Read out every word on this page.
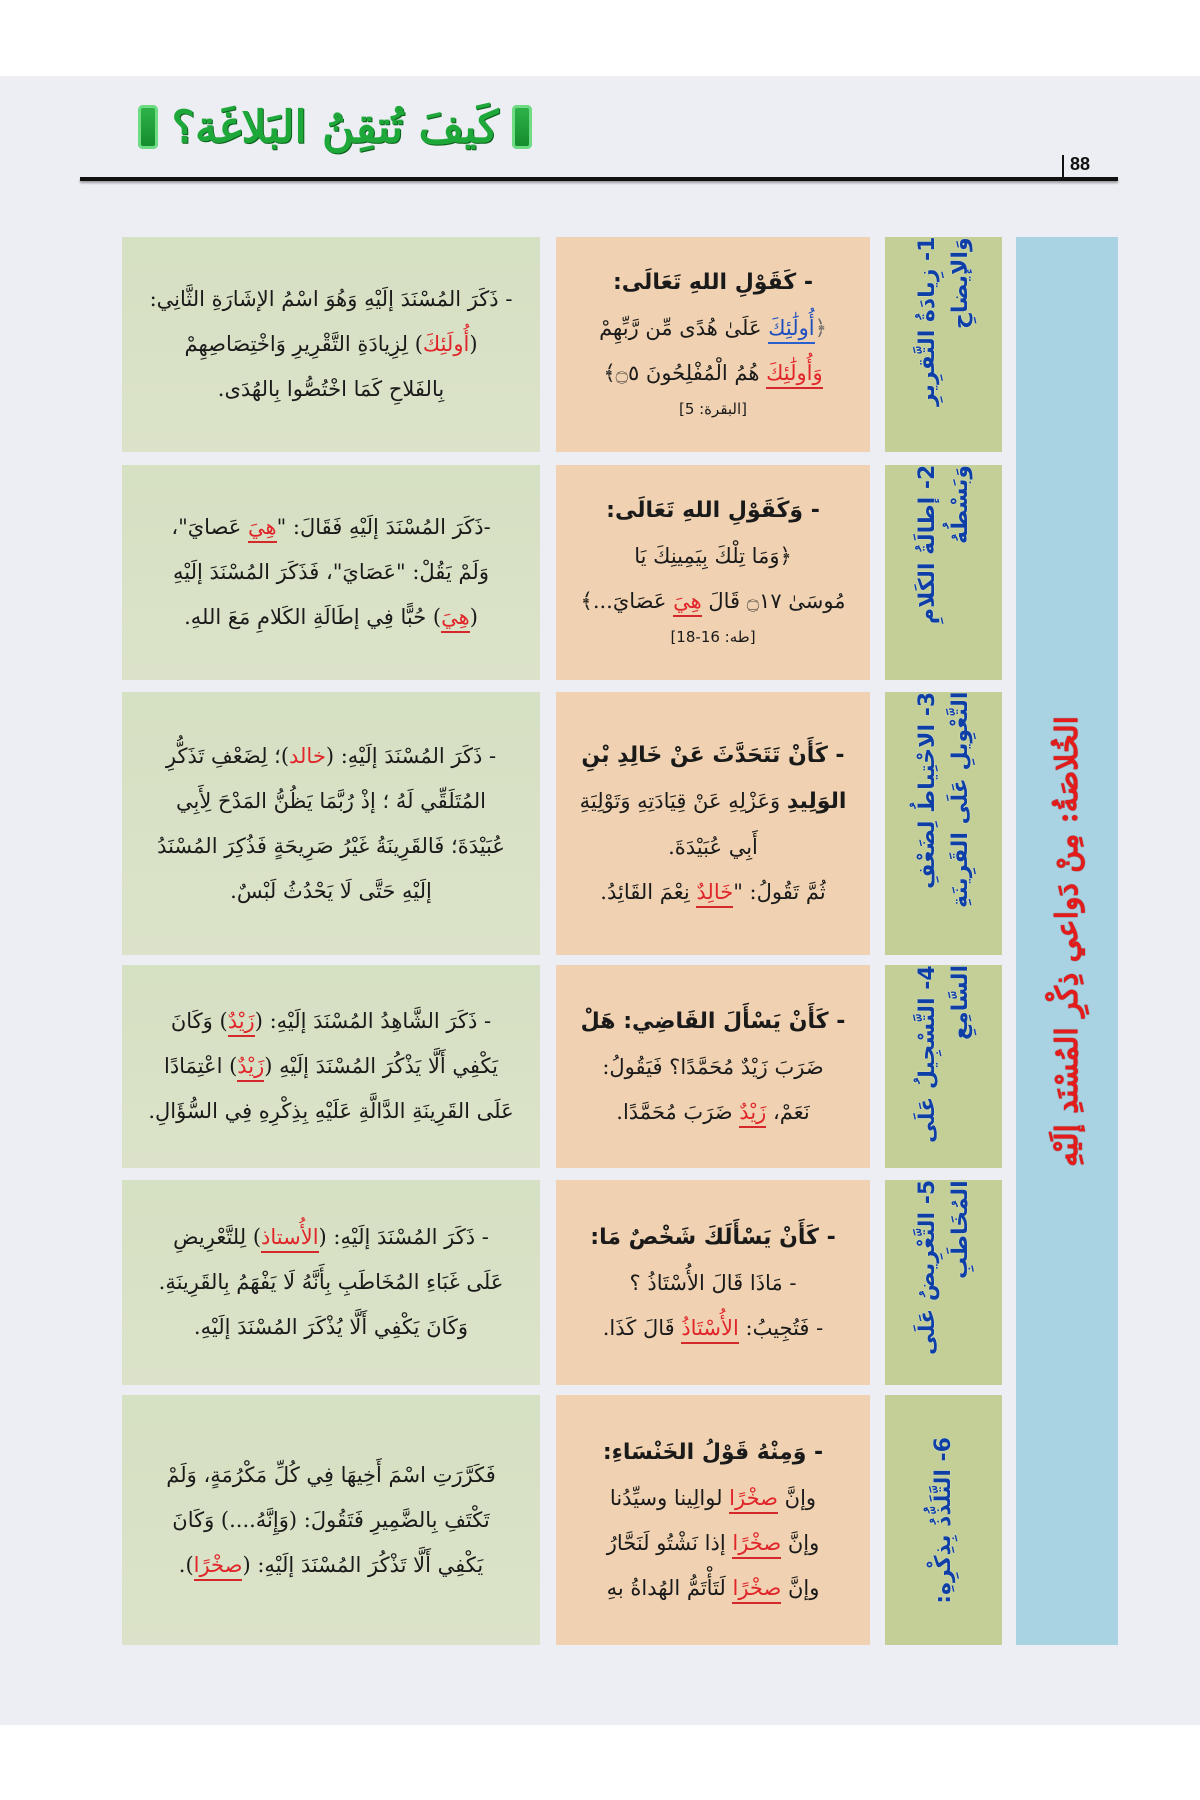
كَيفَ تُتقِنُ البَلاغَة؟
88
الخُلاصَةُ: مِنْ دَواعي ذِكْرِ المُسْنَدِ إلَيْهِ
1- زِيادَةُ التَّقرِيرِ وَالإيضاحِ
- كَقَوْلِ اللهِ تَعَالَى:
﴿أُولَٰئِكَ عَلَىٰ هُدًى مِّن رَّبِّهِمْ
وَأُولَٰئِكَ هُمُ الْمُفْلِحُونَ ۝٥﴾
[البقرة: 5]
- ذَكَرَ المُسْنَدَ إلَيْهِ وَهُوَ اسْمُ الإشَارَةِ الثَّانِي:
(أُولَئِكَ) لِزِيادَةِ التَّقْرِيرِ وَاخْتِصَاصِهِمْ
بِالفَلاحِ كَمَا اخْتُصُّوا بِالهُدَى.
2- إطالَةُ الكَلامِ وَبَسْطُهُ
- وَكَقَوْلِ اللهِ تَعَالَى:
﴿وَمَا تِلْكَ بِيَمِينِكَ يَا
مُوسَىٰ ۝١٧ قَالَ هِيَ عَصَايَ...﴾
[طه: 16-18]
-ذَكَرَ المُسْنَدَ إلَيْهِ فَقَالَ: "هِيَ عَصايَ"،
وَلَمْ يَقُلْ: "عَصَايَ"، فَذَكَرَ المُسْنَدَ إلَيْهِ
(هِيَ) حُبًّا فِي إطَالَةِ الكَلامِ مَعَ اللهِ.
3- الاحْتِياطُ لِضَعْفِ التَّعْوِيلِ عَلَى القَرِينَةِ
- كَأَنْ تَتَحَدَّثَ عَنْ خَالِدِ بْنِ
الوَلِيدِ وَعَزْلِهِ عَنْ قِيَادَتِهِ وَتَوْلِيَةِ
أَبِي عُبَيْدَةَ.
ثُمَّ تَقُولُ: "خَالِدٌ نِعْمَ القَائِدُ.
- ذَكَرَ المُسْنَدَ إلَيْهِ: (خالد)؛ لِضَعْفِ تَذَكُّرِ
المُتَلَقِّي لَهُ ؛ إذْ رُبَّمَا يَظُنُّ المَدْحَ لِأَبِي
عُبَيْدَةَ؛ فَالقَرِينَةُ غَيْرُ صَرِيحَةٍ فَذُكِرَ المُسْنَدُ
إلَيْهِ حَتَّى لَا يَحْدُثُ لَبْسٌ.
4- التَّسْجِيلُ عَلَى السَّامِعِ
- كَأَنْ يَسْأَلَ القَاضِي: هَلْ
ضَرَبَ زَيْدٌ مُحَمَّدًا؟ فَيَقُولُ:
نَعَمْ، زَيْدٌ ضَرَبَ مُحَمَّدًا.
- ذَكَرَ الشَّاهِدُ المُسْنَدَ إلَيْهِ: (زَيْدٌ) وَكَانَ
يَكْفِي أَلَّا يَذْكُرَ المُسْنَدَ إلَيْهِ (زَيْدٌ) اعْتِمَادًا
عَلَى القَرِينَةِ الدَّالَّةِ عَلَيْهِ بِذِكْرِهِ فِي السُّؤَالِ.
5- التَّعْرِيضُ عَلَى المُخَاطَبِ
- كَأَنْ يَسْأَلَكَ شَخْصٌ مَا:
- مَاذَا قَالَ الأُسْتَاذُ ؟
- فَتُجِيبُ: الأُسْتَاذُ قَالَ كَذَا.
- ذَكَرَ المُسْنَدَ إلَيْهِ: (الأُستاذ) لِلتَّعْرِيضِ
عَلَى غَبَاءِ المُخَاطَبِ بِأَنَّهُ لَا يَفْهَمُ بِالقَرِينَةِ.
وَكَانَ يَكْفِي أَلَّا يُذْكَرَ المُسْنَدَ إلَيْهِ.
6- التَّلَذُّذُ بِذِكْرِهِ:
- وَمِنْهُ قَوْلُ الخَنْسَاءِ:
وإنَّ صخْرًا لوالِينا وسيِّدُنا
وإنَّ صخْرًا إذا نَشْتُو لَنَحَّارُ
وإنَّ صخْرًا لَتَأْتَمُّ الهُداةُ بهِ
فَكَرَّرَتِ اسْمَ أَخِيهَا فِي كُلِّ مَكْرُمَةٍ، وَلَمْ
تَكْتَفِ بِالضَّمِيرِ فَتَقُولَ: (وَإِنَّهُ....) وَكَانَ
يَكْفِي أَلَّا تَذْكُرَ المُسْنَدَ إلَيْهِ: (صخْرًا).
